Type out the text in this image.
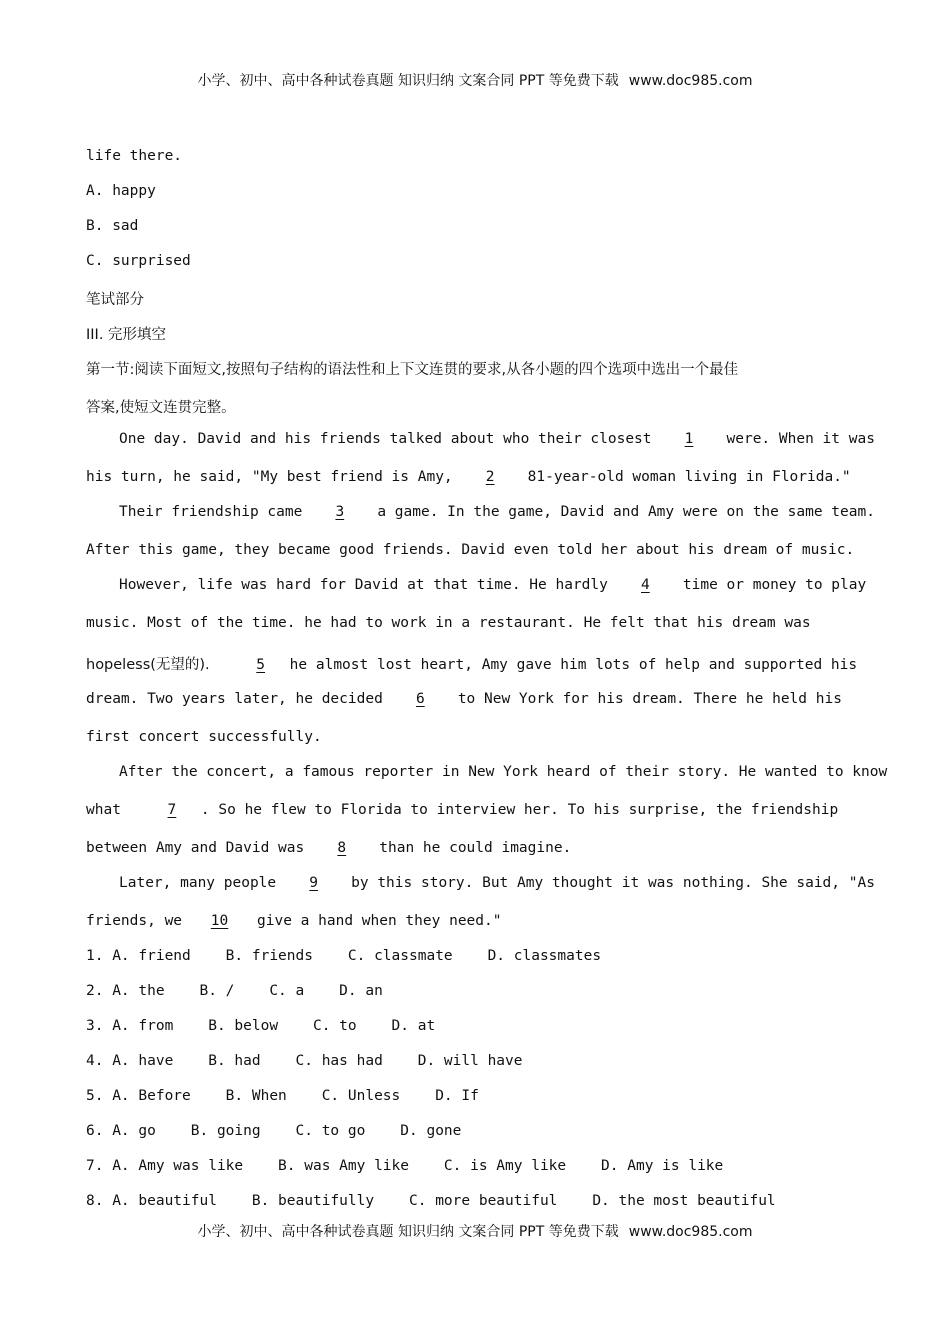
小学、初中、高中各种试卷真题 知识归纳 文案合同 PPT 等免费下载 www.doc985.com
life there.
A. happy
B. sad
C. surprised
笔试部分
III. 完形填空
第一节:阅读下面短文,按照句子结构的语法性和上下文连贯的要求,从各小题的四个选项中选出一个最佳
答案,使短文连贯完整。
One day. David and his friends talked about who their closest 1 were. When it was
his turn, he said, "My best friend is Amy, 2 81-year-old woman living in Florida."
Their friendship came 3 a game. In the game, David and Amy were on the same team.
After this game, they became good friends. David even told her about his dream of music.
However, life was hard for David at that time. He hardly 4 time or money to play
music. Most of the time. he had to work in a restaurant. He felt that his dream was
hopeless(无望的).	5 he almost lost heart, Amy gave him lots of help and supported his
dream. Two years later, he decided 6 to New York for his dream. There he held his
first concert successfully.
After the concert, a famous reporter in New York heard of their story. He wanted to know
what	7 . So he flew to Florida to interview her. To his surprise, the friendship
between Amy and David was 8 than he could imagine.
Later, many people 9 by this story. But Amy thought it was nothing. She said, "As
friends, we 10 give a hand when they need."
1. A. friend    B. friends    C. classmate    D. classmates
2. A. the    B. /    C. a    D. an
3. A. from    B. below    C. to    D. at
4. A. have    B. had    C. has had    D. will have
5. A. Before    B. When    C. Unless    D. If
6. A. go    B. going    C. to go    D. gone
7. A. Amy was like    B. was Amy like    C. is Amy like    D. Amy is like
8. A. beautiful    B. beautifully    C. more beautiful    D. the most beautiful
小学、初中、高中各种试卷真题 知识归纳 文案合同 PPT 等免费下载 www.doc985.com
